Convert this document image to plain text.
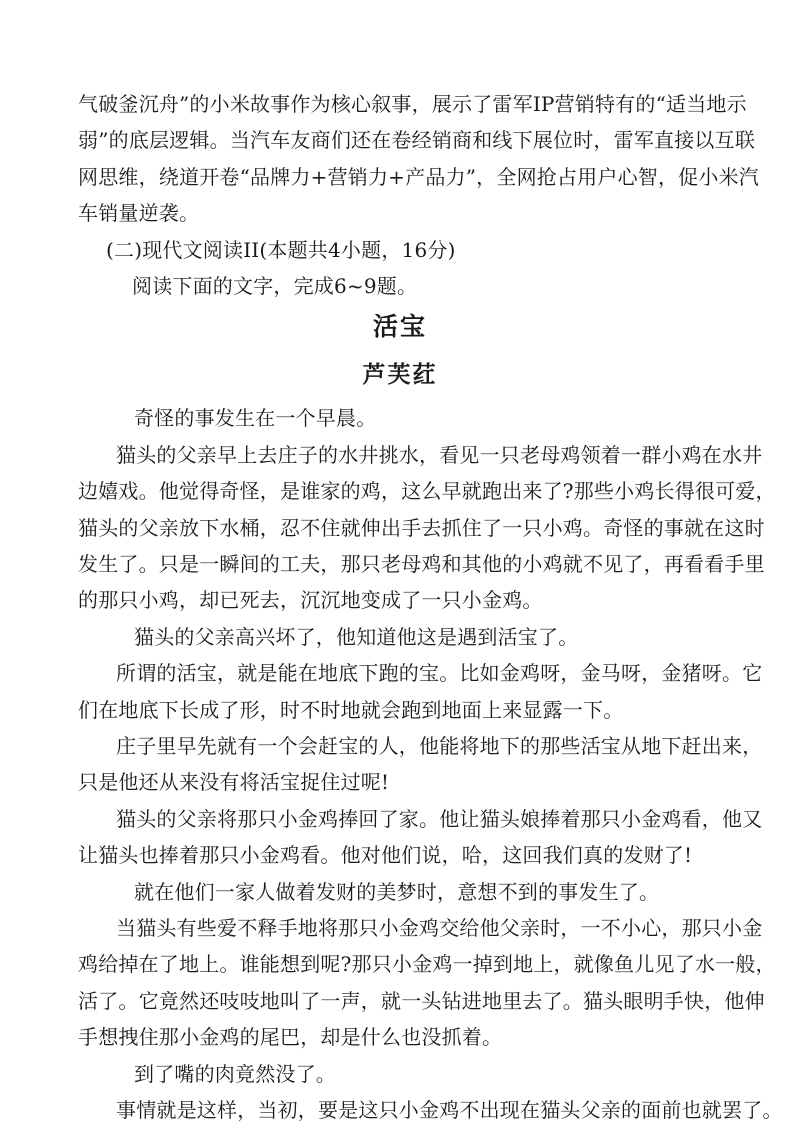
气破釜沉舟”的小米故事作为核心叙事，展示了雷军IP营销特有的“适当地示
弱”的底层逻辑。当汽车友商们还在卷经销商和线下展位时，雷军直接以互联
网思维，绕道开卷“品牌力+营销力+产品力”，全网抢占用户心智，促小米汽
车销量逆袭。
(二)现代文阅读II(本题共4小题，16分)
阅读下面的文字，完成6~9题。
活宝
芦芙荭
奇怪的事发生在一个早晨。
猫头的父亲早上去庄子的水井挑水，看见一只老母鸡领着一群小鸡在水井
边嬉戏。他觉得奇怪，是谁家的鸡，这么早就跑出来了?那些小鸡长得很可爱，
猫头的父亲放下水桶，忍不住就伸出手去抓住了一只小鸡。奇怪的事就在这时
发生了。只是一瞬间的工夫，那只老母鸡和其他的小鸡就不见了，再看看手里
的那只小鸡，却已死去，沉沉地变成了一只小金鸡。
猫头的父亲高兴坏了，他知道他这是遇到活宝了。
所谓的活宝，就是能在地底下跑的宝。比如金鸡呀，金马呀，金猪呀。它
们在地底下长成了形，时不时地就会跑到地面上来显露一下。
庄子里早先就有一个会赶宝的人，他能将地下的那些活宝从地下赶出来，
只是他还从来没有将活宝捉住过呢!
猫头的父亲将那只小金鸡捧回了家。他让猫头娘捧着那只小金鸡看，他又
让猫头也捧着那只小金鸡看。他对他们说，哈，这回我们真的发财了!
就在他们一家人做着发财的美梦时，意想不到的事发生了。
当猫头有些爱不释手地将那只小金鸡交给他父亲时，一不小心，那只小金
鸡给掉在了地上。谁能想到呢?那只小金鸡一掉到地上，就像鱼儿见了水一般，
活了。它竟然还吱吱地叫了一声，就一头钻进地里去了。猫头眼明手快，他伸
手想拽住那小金鸡的尾巴，却是什么也没抓着。
到了嘴的肉竟然没了。
事情就是这样，当初，要是这只小金鸡不出现在猫头父亲的面前也就罢了。
